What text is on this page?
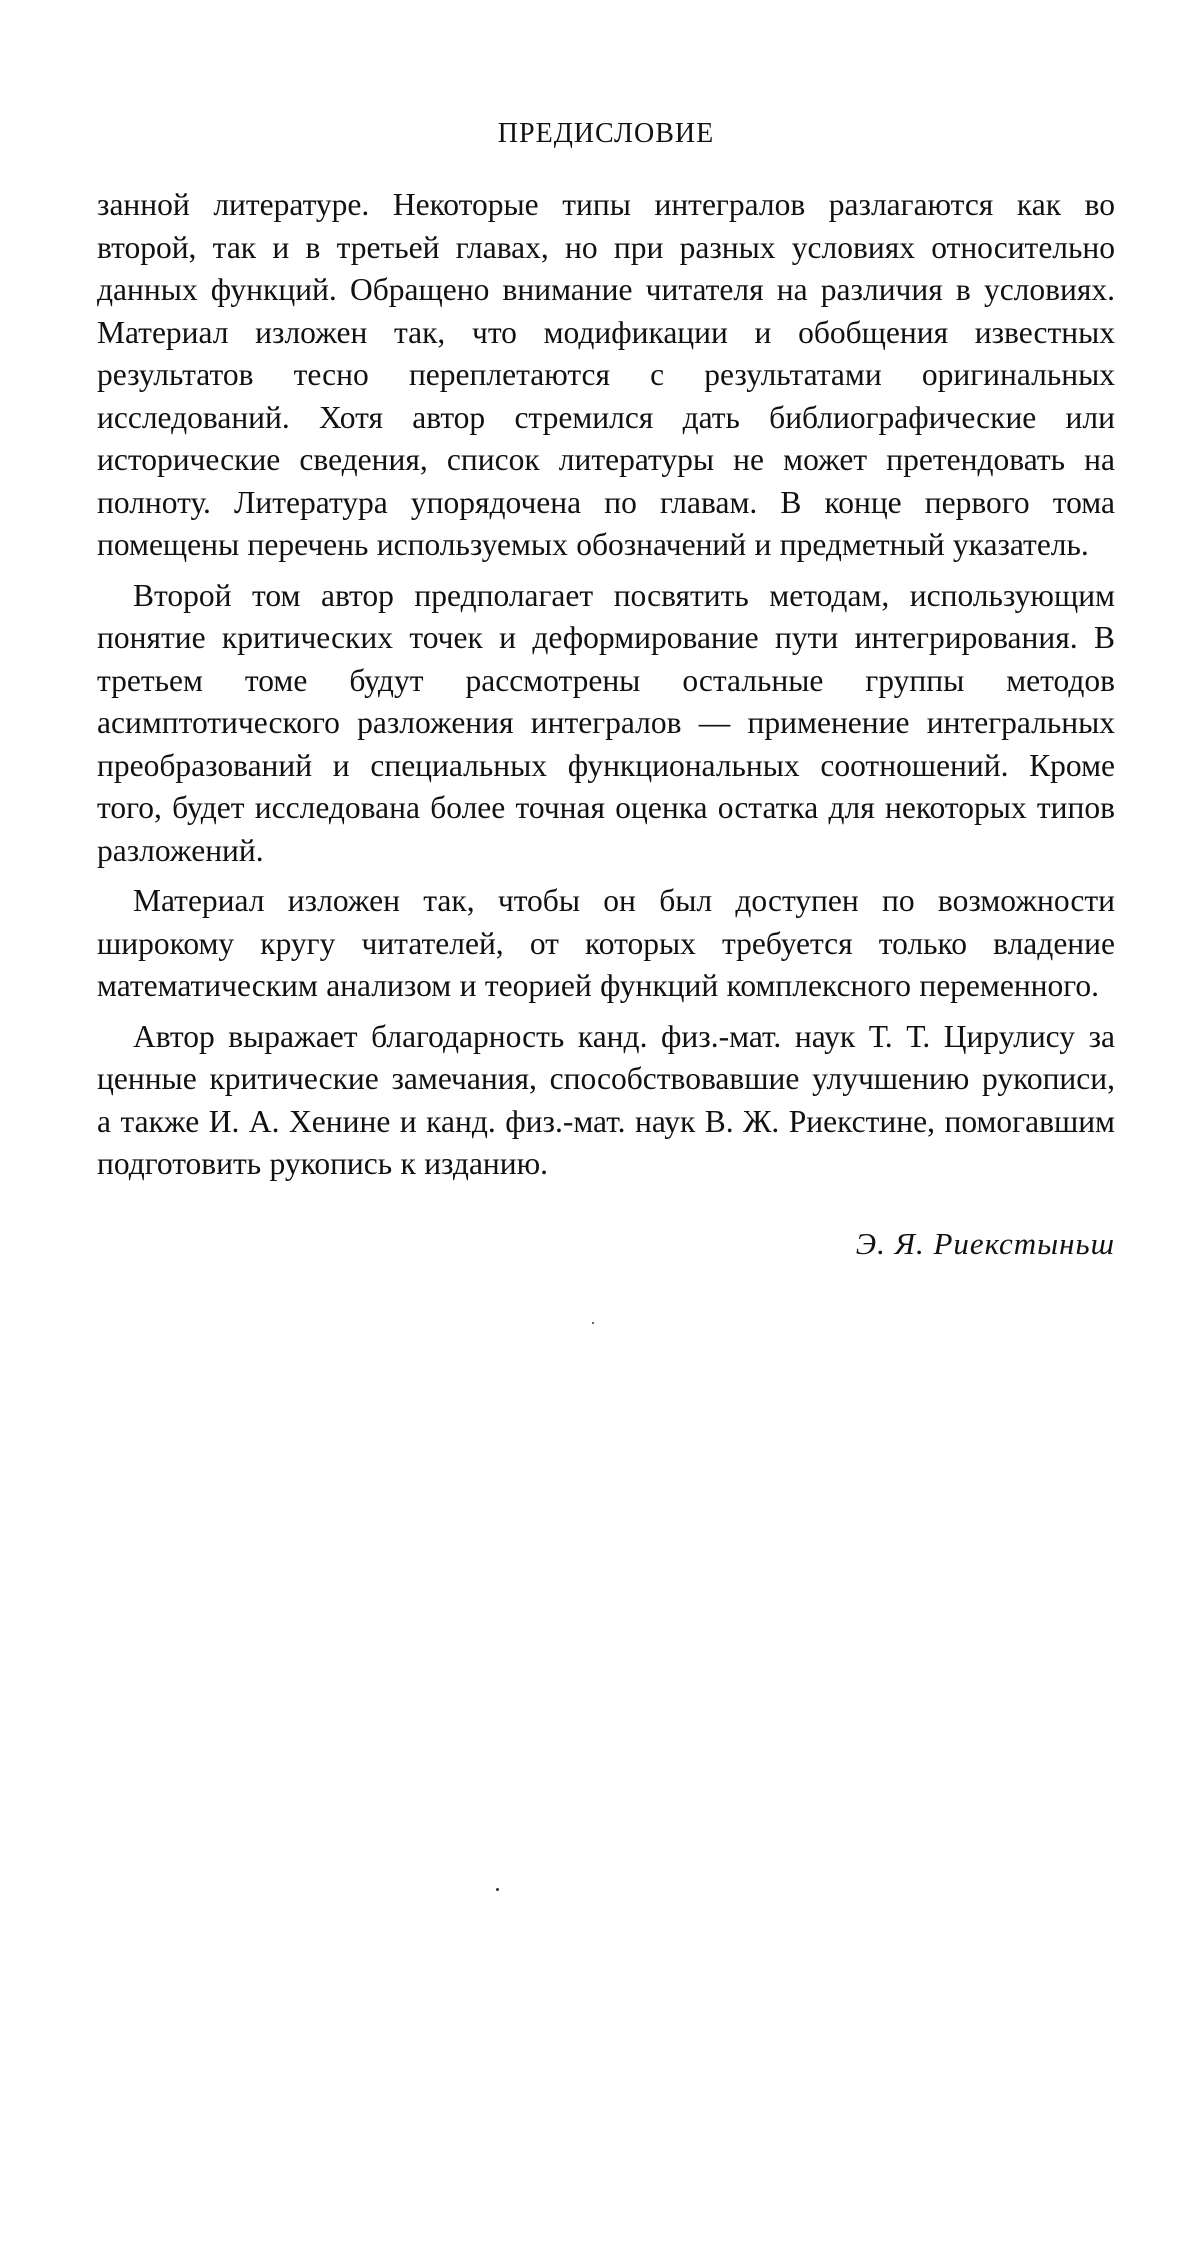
ПРЕДИСЛОВИЕ

занной литературе. Некоторые типы интегралов разлагаются как во второй, так и в третьей главах, но при разных условиях относительно данных функций. Обращено внимание читателя на различия в условиях. Материал изложен так, что модификации и обобщения известных результатов тесно переплетаются с результатами оригинальных исследований. Хотя автор стремился дать библиографические или исторические сведения, список литературы не может претендовать на полноту. Литература упорядочена по главам. В конце первого тома помещены перечень используемых обозначений и предметный указатель.

Второй том автор предполагает посвятить методам, использующим понятие критических точек и деформирование пути интегрирования. В третьем томе будут рассмотрены остальные группы методов асимптотического разложения интегралов — применение интегральных преобразований и специальных функциональных соотношений. Кроме того, будет исследована более точная оценка остатка для некоторых типов разложений.

Материал изложен так, чтобы он был доступен по возможности широкому кругу читателей, от которых требуется только владение математическим анализом и теорией функций комплексного переменного.

Автор выражает благодарность канд. физ.-мат. наук Т. Т. Цирулису за ценные критические замечания, способствовавшие улучшению рукописи, а также И. А. Хенине и канд. физ.-мат. наук В. Ж. Риекстине, помогавшим подготовить рукопись к изданию.

Э. Я. Риекстыньш
